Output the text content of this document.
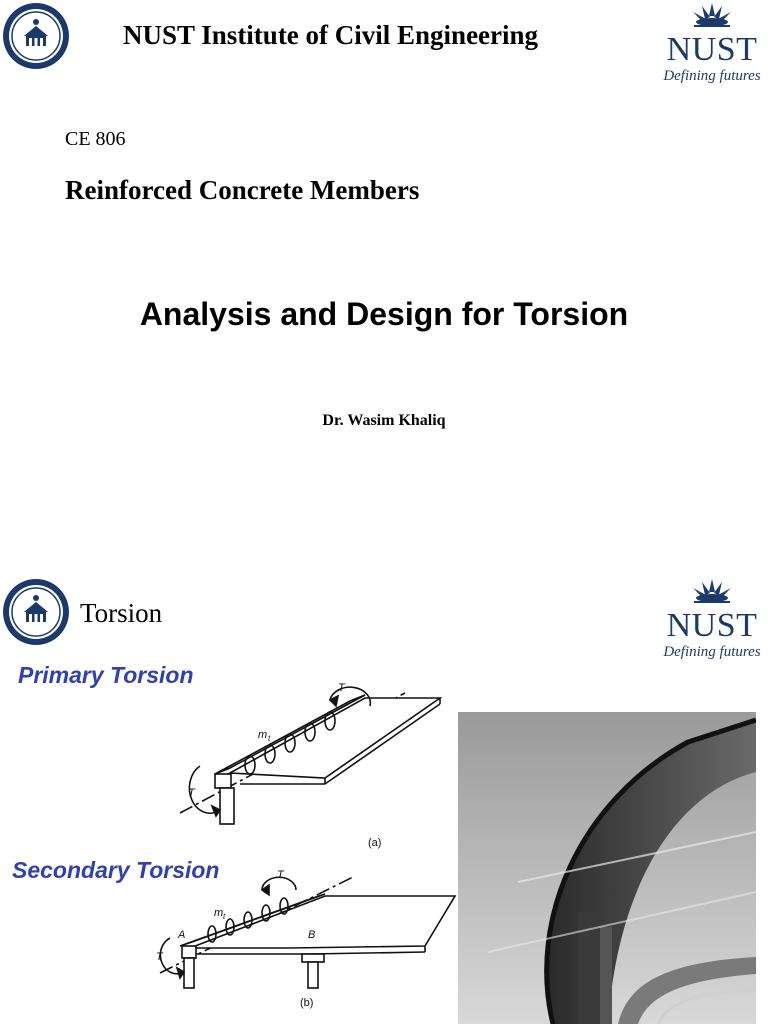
NUST Institute of Civil Engineering	NUST
Defining futures
CE 806
Reinforced Concrete Members
Analysis and Design for Torsion
Dr. Wasim Khaliq
Torsion	NUST
Defining futures
Primary Torsion
Secondary Torsion
T
T
m t
(a)
T
T
m t
A	B
(b)
